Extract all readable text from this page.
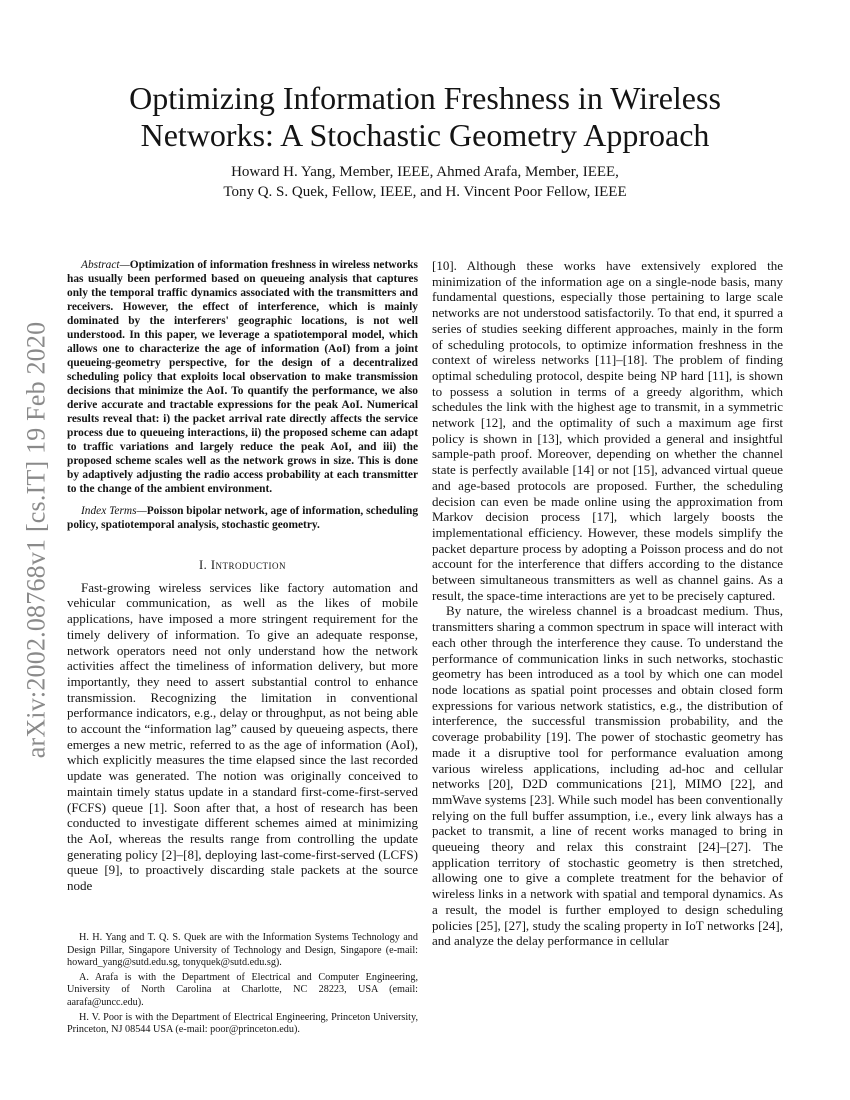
arXiv:2002.08768v1 [cs.IT] 19 Feb 2020
Optimizing Information Freshness in Wireless
Networks: A Stochastic Geometry Approach
Howard H. Yang, Member, IEEE, Ahmed Arafa, Member, IEEE,
Tony Q. S. Quek, Fellow, IEEE, and H. Vincent Poor Fellow, IEEE

Abstract—Optimization of information freshness in wireless networks has usually been performed based on queueing analysis that captures only the temporal traffic dynamics associated with the transmitters and receivers. However, the effect of interference, which is mainly dominated by the interferers' geographic locations, is not well understood. In this paper, we leverage a spatiotemporal model, which allows one to characterize the age of information (AoI) from a joint queueing-geometry perspective, for the design of a decentralized scheduling policy that exploits local observation to make transmission decisions that minimize the AoI. To quantify the performance, we also derive accurate and tractable expressions for the peak AoI. Numerical results reveal that: i) the packet arrival rate directly affects the service process due to queueing interactions, ii) the proposed scheme can adapt to traffic variations and largely reduce the peak AoI, and iii) the proposed scheme scales well as the network grows in size. This is done by adaptively adjusting the radio access probability at each transmitter to the change of the ambient environment.

Index Terms—Poisson bipolar network, age of information, scheduling policy, spatiotemporal analysis, stochastic geometry.
I. Introduction

Fast-growing wireless services like factory automation and vehicular communication, as well as the likes of mobile applications, have imposed a more stringent requirement for the timely delivery of information. To give an adequate response, network operators need not only understand how the network activities affect the timeliness of information delivery, but more importantly, they need to assert substantial control to enhance transmission. Recognizing the limitation in conventional performance indicators, e.g., delay or throughput, as not being able to account the “information lag” caused by queueing aspects, there emerges a new metric, referred to as the age of information (AoI), which explicitly measures the time elapsed since the last recorded update was generated. The notion was originally conceived to maintain timely status update in a standard first-come-first-served (FCFS) queue [1]. Soon after that, a host of research has been conducted to investigate different schemes aimed at minimizing the AoI, whereas the results range from controlling the update generating policy [2]–[8], deploying last-come-first-served (LCFS) queue [9], to proactively discarding stale packets at the source node

[10]. Although these works have extensively explored the minimization of the information age on a single-node basis, many fundamental questions, especially those pertaining to large scale networks are not understood satisfactorily. To that end, it spurred a series of studies seeking different approaches, mainly in the form of scheduling protocols, to optimize information freshness in the context of wireless networks [11]–[18]. The problem of finding optimal scheduling protocol, despite being NP hard [11], is shown to possess a solution in terms of a greedy algorithm, which schedules the link with the highest age to transmit, in a symmetric network [12], and the optimality of such a maximum age first policy is shown in [13], which provided a general and insightful sample-path proof. Moreover, depending on whether the channel state is perfectly available [14] or not [15], advanced virtual queue and age-based protocols are proposed. Further, the scheduling decision can even be made online using the approximation from Markov decision process [17], which largely boosts the implementational efficiency. However, these models simplify the packet departure process by adopting a Poisson process and do not account for the interference that differs according to the distance between simultaneous transmitters as well as channel gains. As a result, the space-time interactions are yet to be precisely captured.

By nature, the wireless channel is a broadcast medium. Thus, transmitters sharing a common spectrum in space will interact with each other through the interference they cause. To understand the performance of communication links in such networks, stochastic geometry has been introduced as a tool by which one can model node locations as spatial point processes and obtain closed form expressions for various network statistics, e.g., the distribution of interference, the successful transmission probability, and the coverage probability [19]. The power of stochastic geometry has made it a disruptive tool for performance evaluation among various wireless applications, including ad-hoc and cellular networks [20], D2D communications [21], MIMO [22], and mmWave systems [23]. While such model has been conventionally relying on the full buffer assumption, i.e., every link always has a packet to transmit, a line of recent works managed to bring in queueing theory and relax this constraint [24]–[27]. The application territory of stochastic geometry is then stretched, allowing one to give a complete treatment for the behavior of wireless links in a network with spatial and temporal dynamics. As a result, the model is further employed to design scheduling policies [25], [27], study the scaling property in IoT networks [24], and analyze the delay performance in cellular

H. H. Yang and T. Q. S. Quek are with the Information Systems Technology and Design Pillar, Singapore University of Technology and Design, Singapore (e-mail: howard_yang@sutd.edu.sg, tonyquek@sutd.edu.sg).

A. Arafa is with the Department of Electrical and Computer Engineering, University of North Carolina at Charlotte, NC 28223, USA (email: aarafa@uncc.edu).

H. V. Poor is with the Department of Electrical Engineering, Princeton University, Princeton, NJ 08544 USA (e-mail: poor@princeton.edu).
